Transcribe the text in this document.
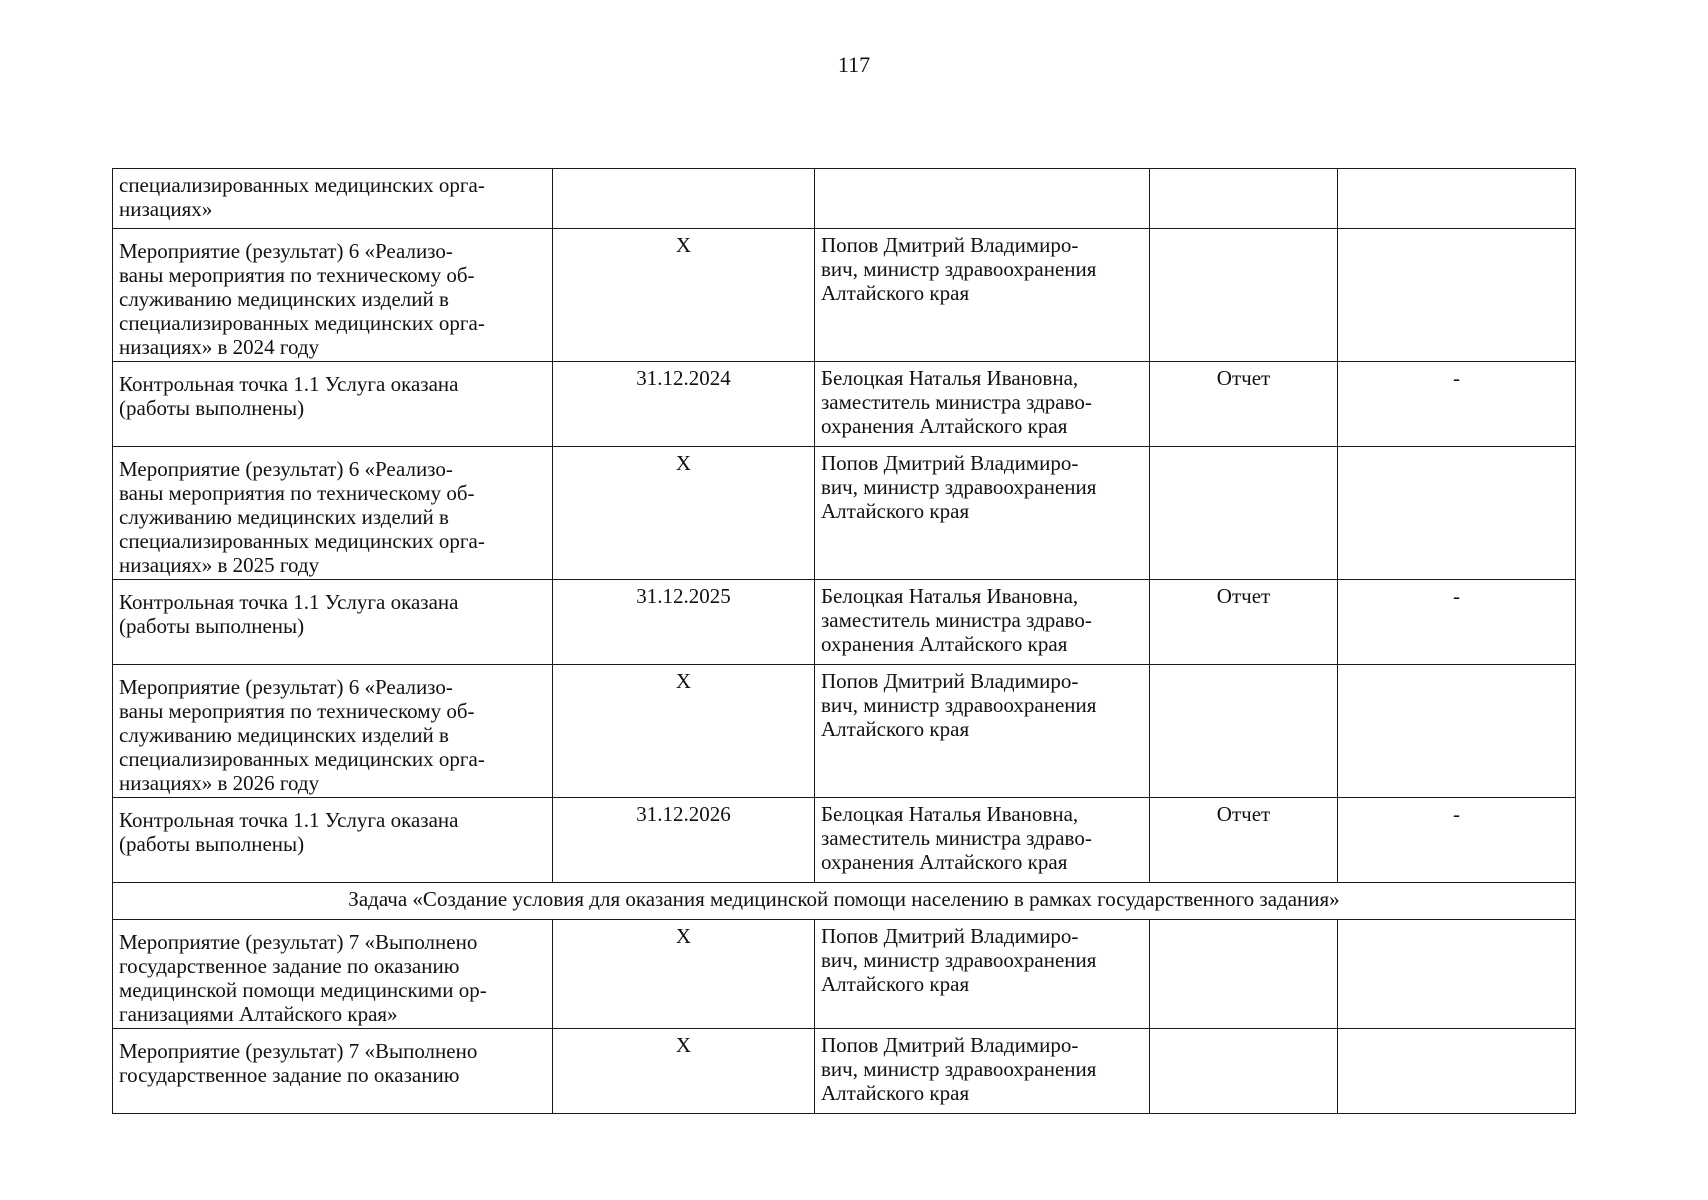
117
специализированных медицинских орга-
низациях»				

Мероприятие (результат) 6 «Реализо-
ваны мероприятия по техническому об-
служиванию медицинских изделий в
специализированных медицинских орга-
низациях» в 2024 году	Х	Попов Дмитрий Владимиро-
вич, министр здравоохранения
Алтайского края		

Контрольная точка 1.1 Услуга оказана
(работы выполнены)	31.12.2024	Белоцкая Наталья Ивановна,
заместитель министра здраво-
охранения Алтайского края	Отчет	-

Мероприятие (результат) 6 «Реализо-
ваны мероприятия по техническому об-
служиванию медицинских изделий в
специализированных медицинских орга-
низациях» в 2025 году	Х	Попов Дмитрий Владимиро-
вич, министр здравоохранения
Алтайского края		

Контрольная точка 1.1 Услуга оказана
(работы выполнены)	31.12.2025	Белоцкая Наталья Ивановна,
заместитель министра здраво-
охранения Алтайского края	Отчет	-

Мероприятие (результат) 6 «Реализо-
ваны мероприятия по техническому об-
служиванию медицинских изделий в
специализированных медицинских орга-
низациях» в 2026 году	Х	Попов Дмитрий Владимиро-
вич, министр здравоохранения
Алтайского края		

Контрольная точка 1.1 Услуга оказана
(работы выполнены)	31.12.2026	Белоцкая Наталья Ивановна,
заместитель министра здраво-
охранения Алтайского края	Отчет	-
Задача «Создание условия для оказания медицинской помощи населению в рамках государственного задания»				

Мероприятие (результат) 7 «Выполнено
государственное задание по оказанию
медицинской помощи медицинскими ор-
ганизациями Алтайского края»	Х	Попов Дмитрий Владимиро-
вич, министр здравоохранения
Алтайского края		

Мероприятие (результат) 7 «Выполнено
государственное задание по оказанию	Х	Попов Дмитрий Владимиро-
вич, министр здравоохранения
Алтайского края		
